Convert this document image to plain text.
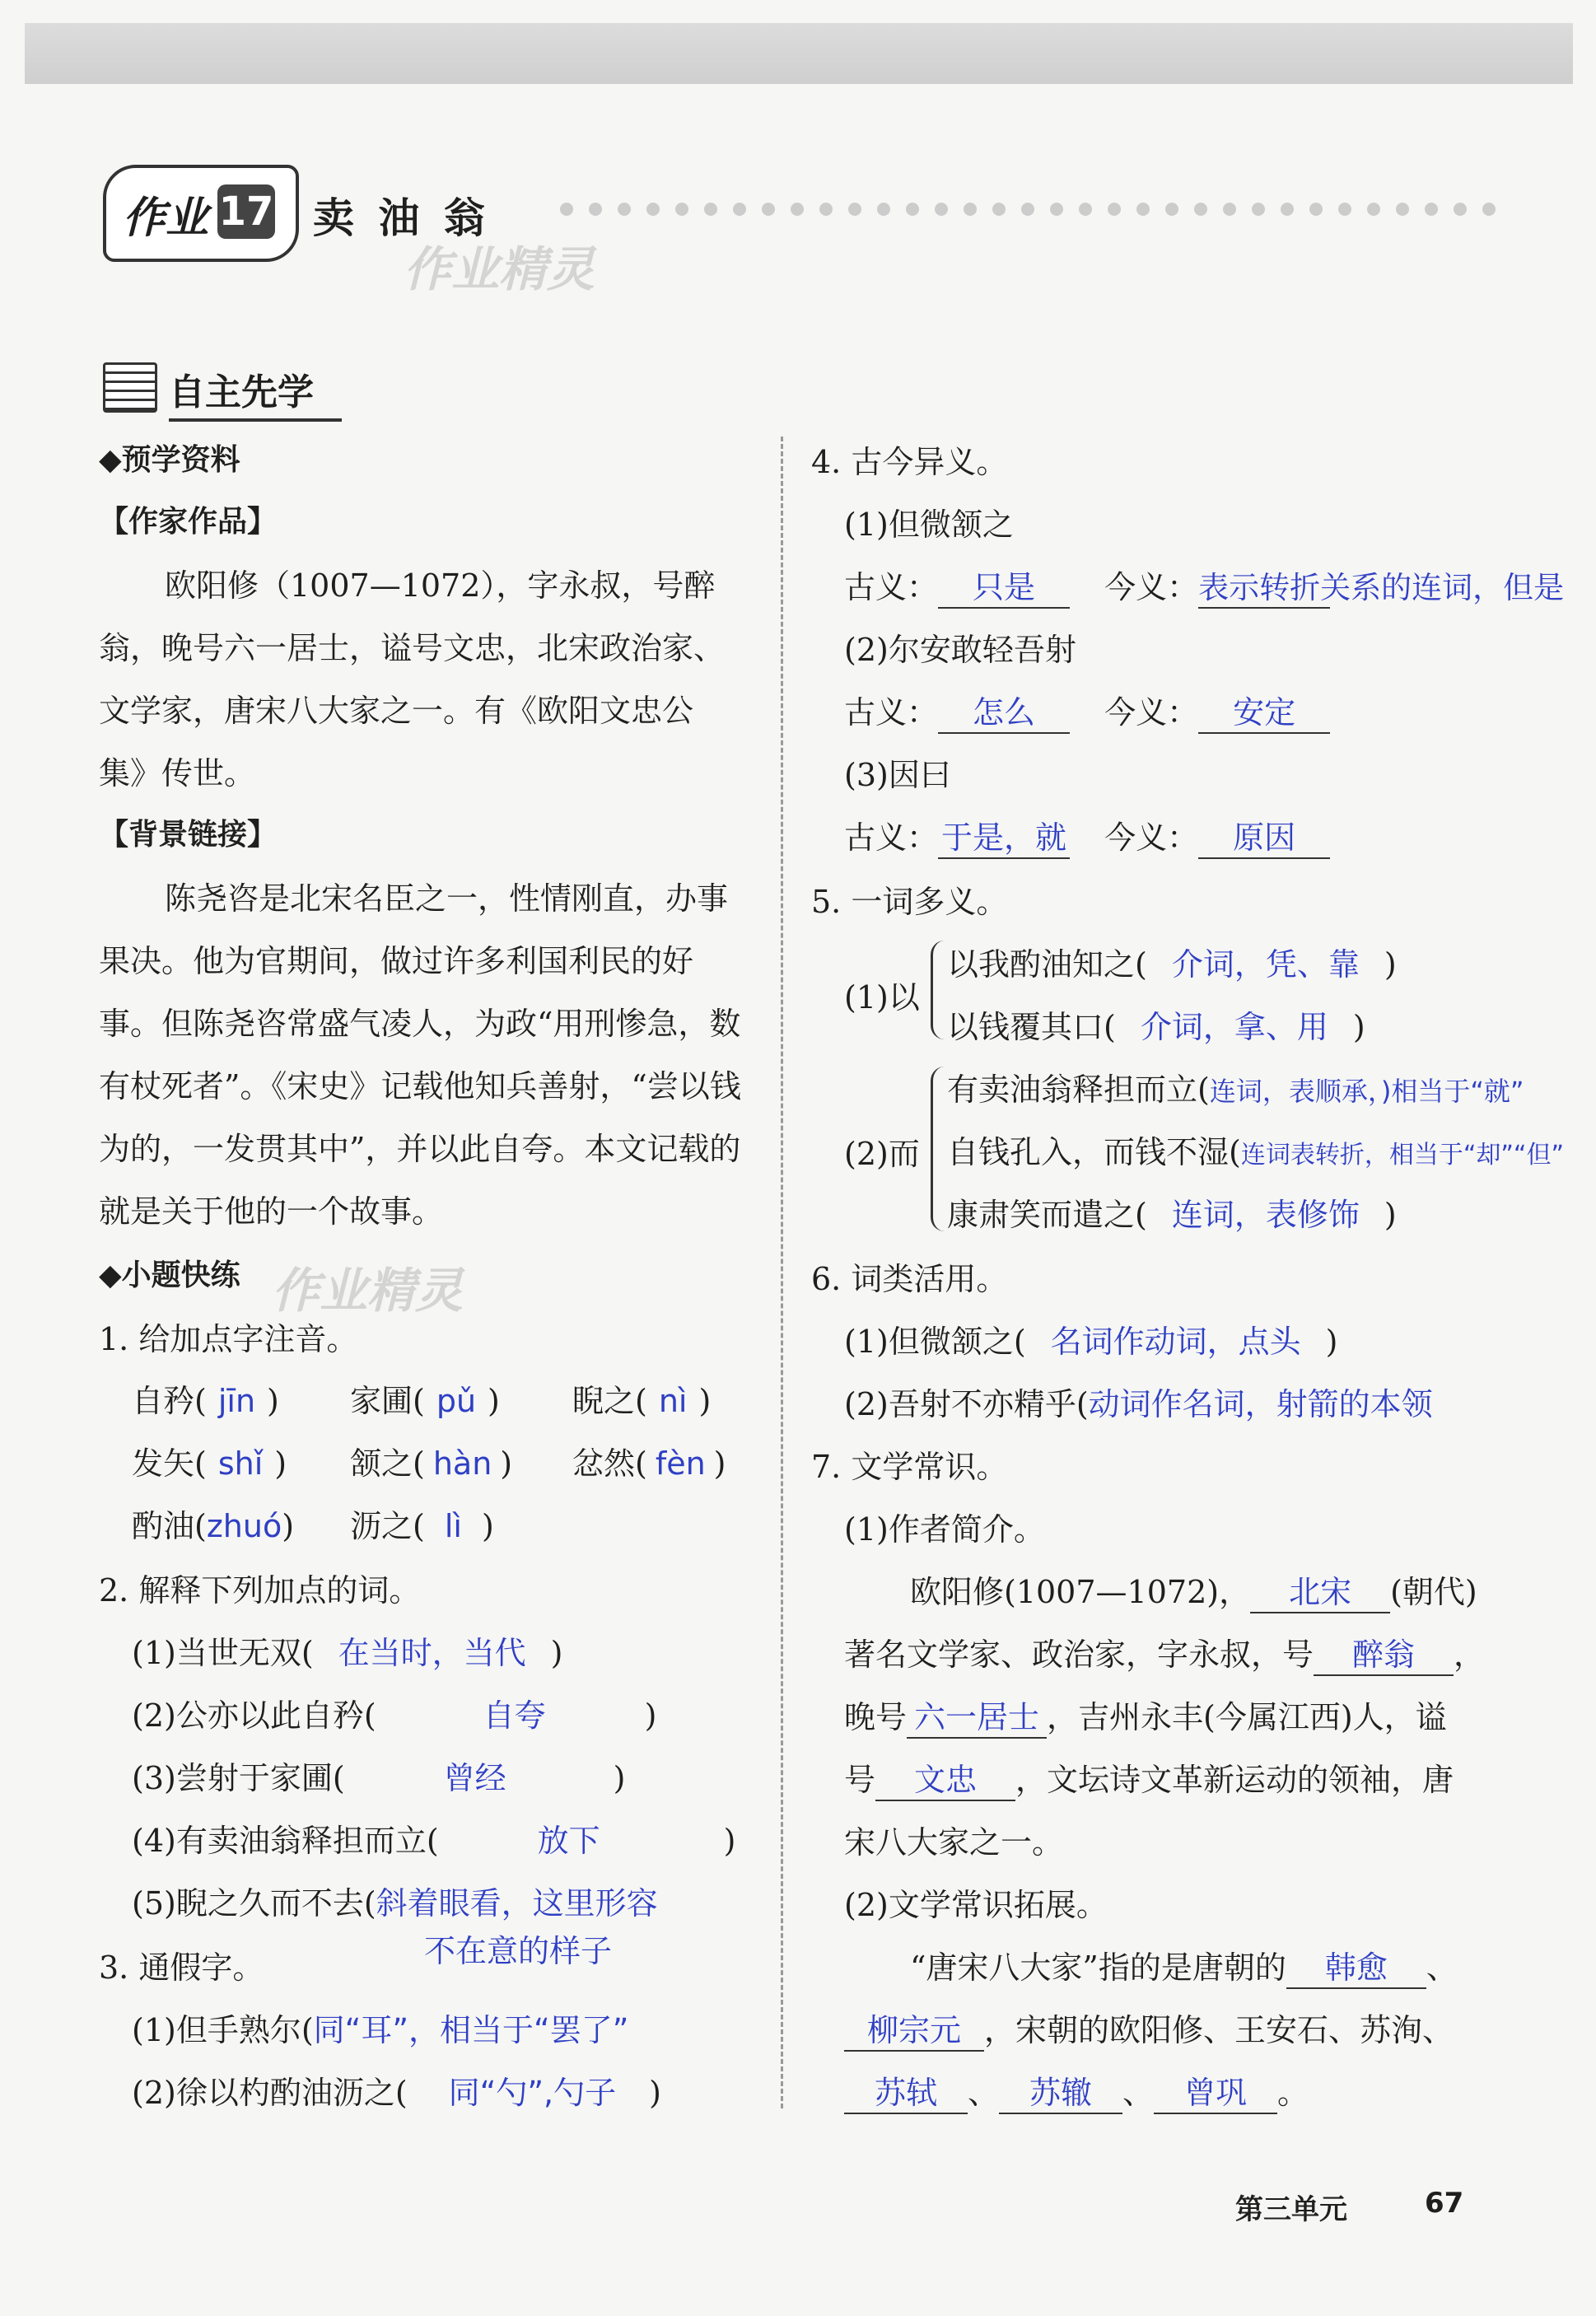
作业 17 卖 油 翁
作业精灵
作业精灵
自主先学
◆预学资料
【作家作品】
欧阳修（1007—1072），字永叔，号醉
翁，晚号六一居士，谥号文忠，北宋政治家、
文学家，唐宋八大家之一。有《欧阳文忠公
集》传世。
【背景链接】
陈尧咨是北宋名臣之一，性情刚直，办事
果决。他为官期间，做过许多利国利民的好
事。但陈尧咨常盛气凌人，为政“用刑惨急，数
有杖死者”。《宋史》记载他知兵善射，“尝以钱
为的，一发贯其中”，并以此自夸。本文记载的
就是关于他的一个故事。
◆小题快练
1. 给加点字注音。
自矜( jīn ) 家圃( pǔ ) 睨之( nì )
发矢( shǐ ) 颔之( hàn ) 忿然( fèn )
酌油(zhuó) 沥之( lì )
2. 解释下列加点的词。
(1)当世无双( 在当时，当代 )
(2)公亦以此自矜(	自夸	)
(3)尝射于家圃(	曾经	)
(4)有卖油翁释担而立(	放下	)
(5)睨之久而不去(斜着眼看，这里形容
不在意的样子
3. 通假字。
(1)但手熟尔(同“耳”，相当于“罢了”
(2)徐以杓酌油沥之( 同“勺”,勺子 )
4. 古今异义。
(1)但微颔之
古义： 只是 今义：表示转折关系的连词，但是
(2)尔安敢轻吾射
古义： 怎么 今义： 安定
(3)因曰
古义： 于是，就 今义： 原因
5. 一词多义。
(1)以
以我酌油知之( 介词，凭、靠 )
以钱覆其口( 介词，拿、用 )
(2)而
有卖油翁释担而立(连词，表顺承，)相当于“就”
自钱孔入，而钱不湿(连词表转折，相当于“却”“但”
康肃笑而遣之( 连词，表修饰 )
6. 词类活用。
(1)但微颔之( 名词作动词，点头 )
(2)吾射不亦精乎(动词作名词，射箭的本领
7. 文学常识。
(1)作者简介。
欧阳修(1007—1072)， 北宋 (朝代)
著名文学家、政治家，字永叔，号 醉翁 ，
晚号 六一居士 ，吉州永丰(今属江西)人，谥
号 文忠 ，文坛诗文革新运动的领袖，唐
宋八大家之一。
(2)文学常识拓展。
“唐宋八大家”指的是唐朝的 韩愈 、
柳宗元 ，宋朝的欧阳修、王安石、苏洵、
苏轼 、 苏辙 、 曾巩 。
第三单元	67
